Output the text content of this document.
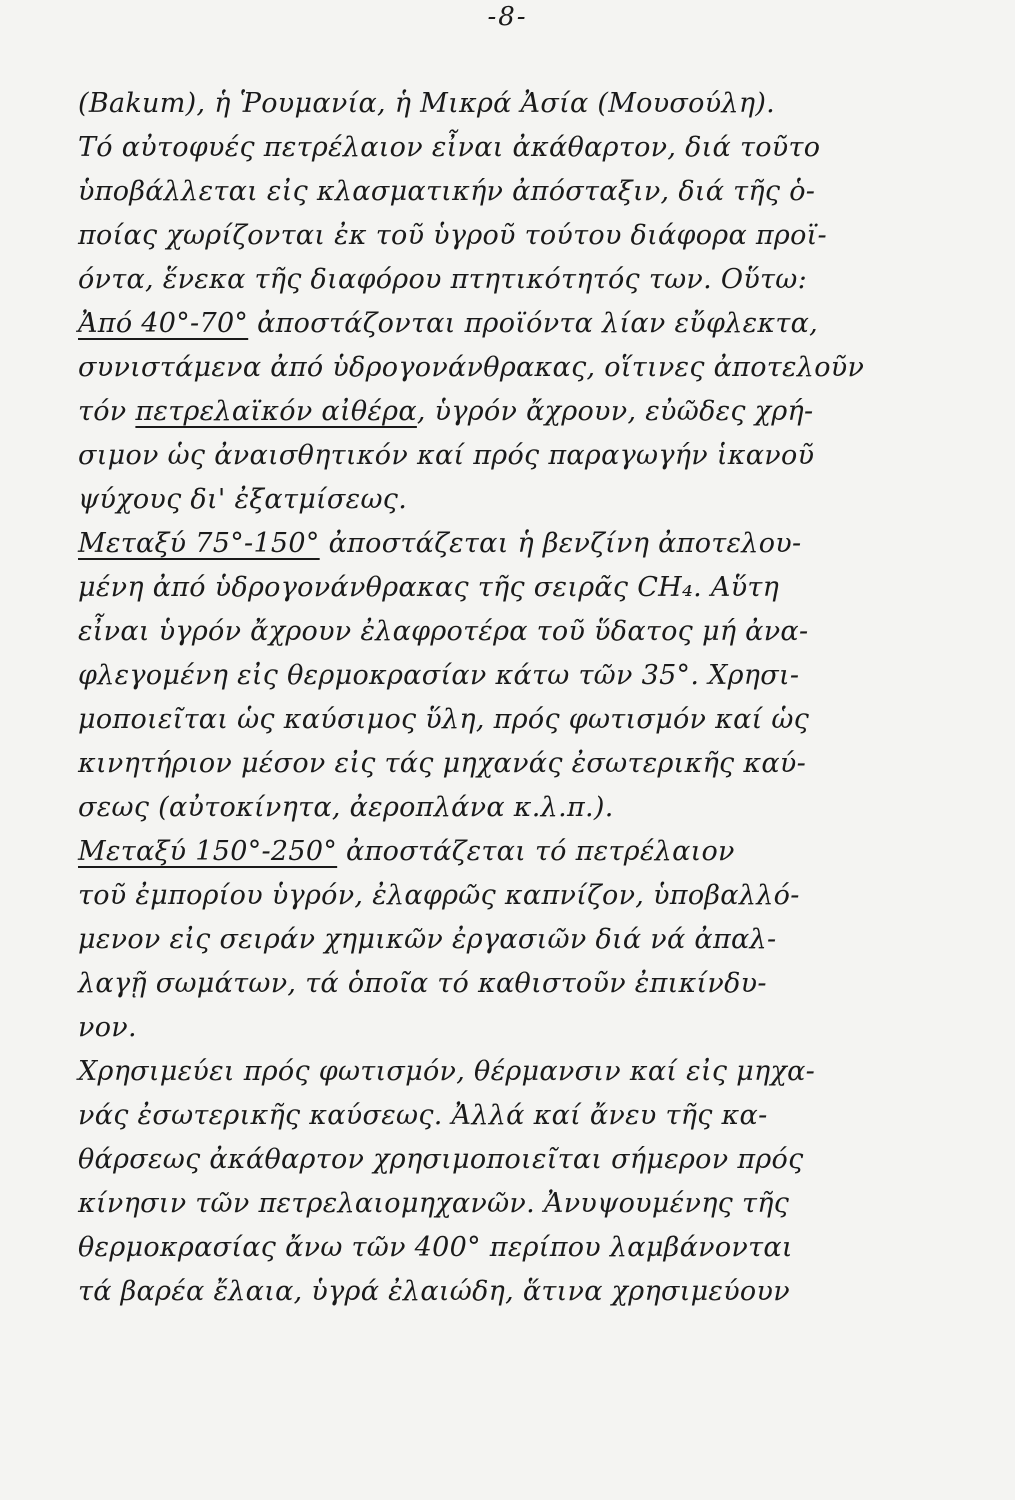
-8-
(Bakum), ἡ Ῥουμανία, ἡ Μικρά Ἀσία (Μουσούλη).
Τό αὐτοφυές πετρέλαιον εἶναι ἀκάθαρτον, διά τοῦτο
ὑποβάλλεται εἰς κλασματικήν ἀπόσταξιν, διά τῆς ὁ-
ποίας χωρίζονται ἐκ τοῦ ὑγροῦ τούτου διάφορα προϊ-
όντα, ἕνεκα τῆς διαφόρου πτητικότητός των. Οὕτω:
Ἀπό 40°-70° ἀποστάζονται προϊόντα λίαν εὔφλεκτα,
συνιστάμενα ἀπό ὑδρογονάνθρακας, οἵτινες ἀποτελοῦν
τόν πετρελαϊκόν αἰθέρα, ὑγρόν ἄχρουν, εὐῶδες χρή-
σιμον ὡς ἀναισθητικόν καί πρός παραγωγήν ἱκανοῦ
ψύχους δι' ἐξατμίσεως.
Μεταξύ 75°-150° ἀποστάζεται ἡ βενζίνη ἀποτελου-
μένη ἀπό ὑδρογονάνθρακας τῆς σειρᾶς CH₄. Αὕτη
εἶναι ὑγρόν ἄχρουν ἐλαφροτέρα τοῦ ὕδατος μή ἀνα-
φλεγομένη εἰς θερμοκρασίαν κάτω τῶν 35°. Χρησι-
μοποιεῖται ὡς καύσιμος ὕλη, πρός φωτισμόν καί ὡς
κινητήριον μέσον εἰς τάς μηχανάς ἐσωτερικῆς καύ-
σεως (αὐτοκίνητα, ἀεροπλάνα κ.λ.π.).
Μεταξύ 150°-250° ἀποστάζεται τό πετρέλαιον
τοῦ ἐμπορίου ὑγρόν, ἐλαφρῶς καπνίζον, ὑποβαλλό-
μενον εἰς σειράν χημικῶν ἐργασιῶν διά νά ἀπαλ-
λαγῇ σωμάτων, τά ὁποῖα τό καθιστοῦν ἐπικίνδυ-
νον.
Χρησιμεύει πρός φωτισμόν, θέρμανσιν καί εἰς μηχα-
νάς ἐσωτερικῆς καύσεως. Ἀλλά καί ἄνευ τῆς κα-
θάρσεως ἀκάθαρτον χρησιμοποιεῖται σήμερον πρός
κίνησιν τῶν πετρελαιομηχανῶν. Ἀνυψουμένης τῆς
θερμοκρασίας ἄνω τῶν 400° περίπου λαμβάνονται
τά βαρέα ἔλαια, ὑγρά ἐλαιώδη, ἅτινα χρησιμεύουν
